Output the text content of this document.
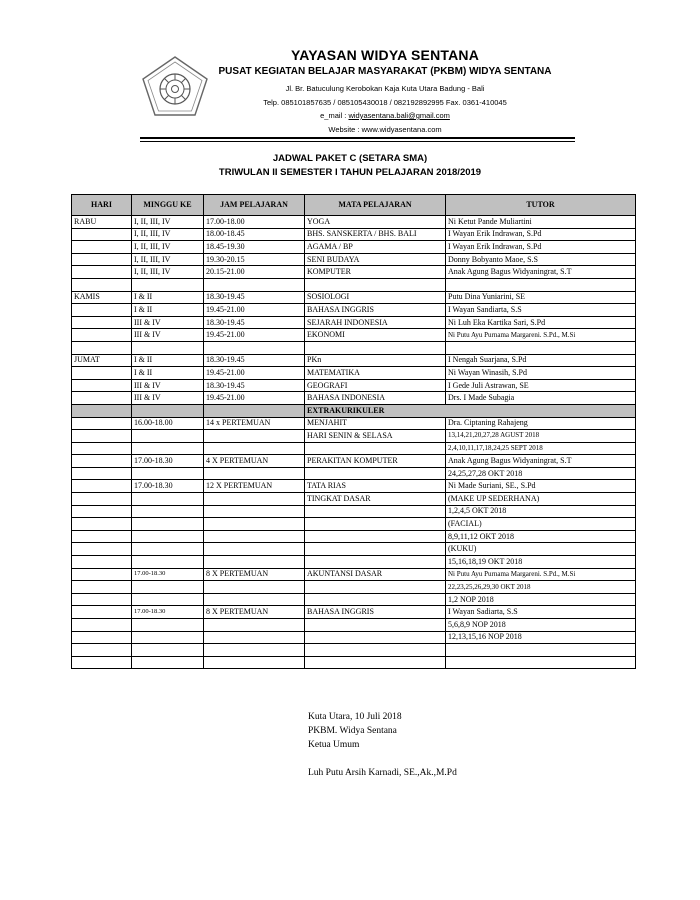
YAYASAN WIDYA SENTANA
PUSAT KEGIATAN BELAJAR MASYARAKAT (PKBM) WIDYA SENTANA
Jl. Br. Batuculung Kerobokan Kaja Kuta Utara Badung - Bali
Telp. 085101857635 / 085105430018 / 082192892995 Fax. 0361-410045
e_mail : widyasentana.bali@gmail.com
Website : www.widyasentana.com
JADWAL PAKET C (SETARA SMA)
TRIWULAN II SEMESTER I TAHUN PELAJARAN 2018/2019
HARI	MINGGU KE	JAM PELAJARAN	MATA PELAJARAN	TUTOR
RABU	I, II, III, IV	17.00-18.00	YOGA	Ni Ketut Pande Muliartini
	I, II, III, IV	18.00-18.45	BHS. SANSKERTA / BHS. BALI	I Wayan Erik Indrawan, S.Pd
	I, II, III, IV	18.45-19.30	AGAMA / BP	I Wayan Erik Indrawan, S.Pd
	I, II, III, IV	19.30-20.15	SENI BUDAYA	Donny Bobyanto Maoe, S.S
	I, II, III, IV	20.15-21.00	KOMPUTER	Anak Agung Bagus Widyaningrat, S.T

KAMIS	I & II	18.30-19.45	SOSIOLOGI	Putu Dina Yuniarini, SE
	I & II	19.45-21.00	BAHASA INGGRIS	I Wayan Sandiarta, S.S
	III & IV	18.30-19.45	SEJARAH INDONESIA	Ni Luh Eka Kartika Sari, S.Pd
	III & IV	19.45-21.00	EKONOMI	Ni Putu Ayu Purnama Margareni. S.Pd., M.Si

JUMAT	I & II	18.30-19.45	PKn	I Nengah Suarjana, S.Pd
	I & II	19.45-21.00	MATEMATIKA	Ni Wayan Winasih, S.Pd
	III & IV	18.30-19.45	GEOGRAFI	I Gede Juli Astrawan, SE
	III & IV	19.45-21.00	BAHASA INDONESIA	Drs. I Made Subagia
			EXTRAKURIKULER	
	16.00-18.00	14 x PERTEMUAN	MENJAHIT	Dra. Ciptaning Rahajeng
			HARI SENIN & SELASA	13,14,21,20,27,28 AGUST 2018
				2,4,10,11,17,18,24,25 SEPT 2018
	17.00-18.30	4 X PERTEMUAN	PERAKITAN KOMPUTER	Anak Agung Bagus Widyaningrat, S.T
				24,25,27,28 OKT 2018
	17.00-18.30	12 X PERTEMUAN	TATA RIAS	Ni Made Suriani, SE., S.Pd
			TINGKAT DASAR	(MAKE UP SEDERHANA)
				1,2,4,5 OKT 2018
				(FACIAL)
				8,9,11,12 OKT 2018
				(KUKU)
				15,16,18,19 OKT 2018
	17.00-18.30	8 X PERTEMUAN	AKUNTANSI DASAR	Ni Putu Ayu Purnama Margareni. S.Pd., M.Si
				22,23,25,26,29,30 OKT 2018
				1,2 NOP 2018
	17.00-18.30	8 X PERTEMUAN	BAHASA INGGRIS	I Wayan Sadiarta, S.S
				5,6,8,9 NOP 2018
				12,13,15,16 NOP 2018

Kuta Utara, 10 Juli 2018
PKBM. Widya Sentana
Ketua Umum
Luh Putu Arsih Karnadi, SE.,Ak.,M.Pd
